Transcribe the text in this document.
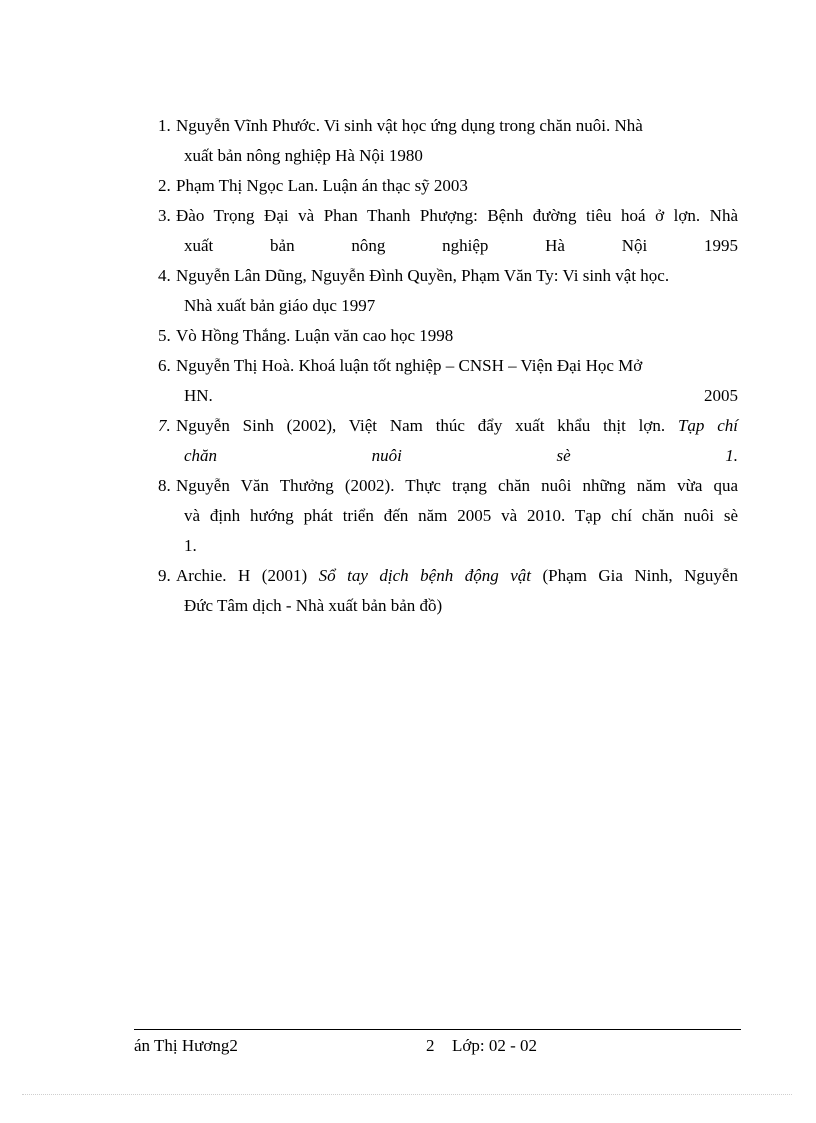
1. Nguyễn Vĩnh Phước. Vi sinh vật học ứng dụng trong chăn nuôi. Nhà
xuất bản nông nghiệp Hà Nội 1980
2. Phạm Thị Ngọc Lan. Luận án thạc sỹ 2003
3. Đào Trọng Đại và Phan Thanh Phượng: Bệnh đường tiêu hoá ở lợn. Nhà
xuất bản nông nghiệp Hà Nội 1995
4. Nguyễn Lân Dũng, Nguyễn Đình Quyền, Phạm Văn Ty: Vi sinh vật học.
Nhà xuất bản giáo dục 1997
5. Vò Hồng Thắng. Luận văn cao học 1998
6. Nguyễn Thị Hoà. Khoá luận tốt nghiệp – CNSH – Viện Đại Học Mở
HN. 2005
7. Nguyễn Sinh (2002), Việt Nam thúc đẩy xuất khẩu thịt lợn. Tạp chí
chăn nuôi sè 1.
8. Nguyễn Văn Thưởng (2002). Thực trạng chăn nuôi những năm vừa qua
và định hướng phát triển đến năm 2005 và 2010. Tạp chí chăn nuôi sè
1.
9. Archie. H (2001) Sổ tay dịch bệnh động vật (Phạm Gia Ninh, Nguyễn
Đức Tâm dịch - Nhà xuất bản bản đồ)
án Thị Hương2	2 Lớp: 02 - 02
